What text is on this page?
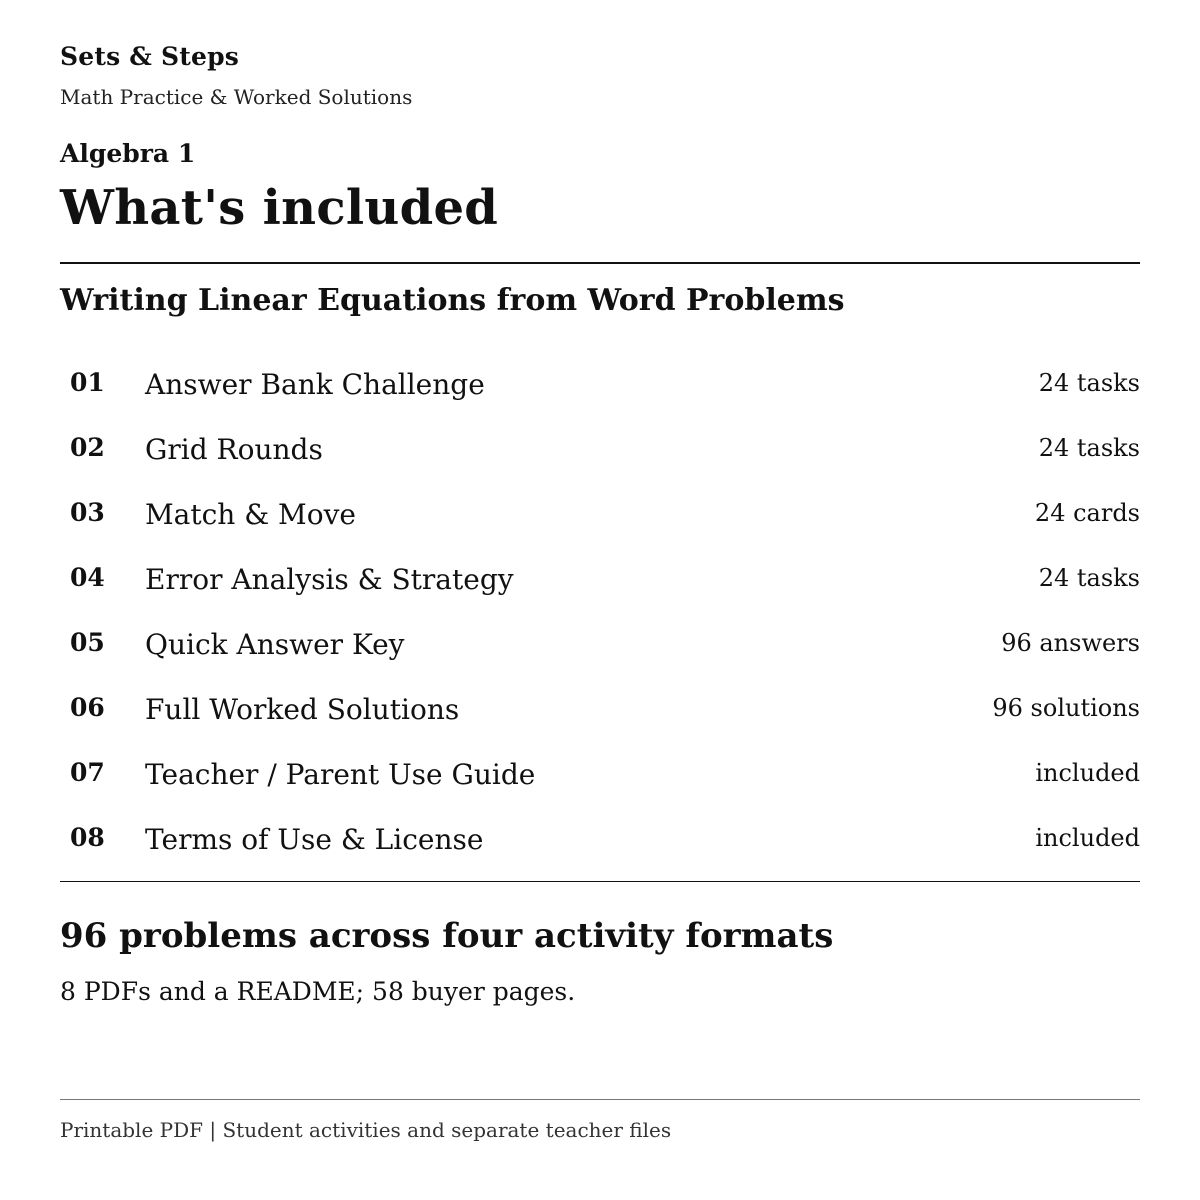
Sets & Steps
Math Practice & Worked Solutions
Algebra 1
What's included
Writing Linear Equations from Word Problems
01 Answer Bank Challenge	24 tasks
02 Grid Rounds	24 tasks
03 Match & Move	24 cards
04 Error Analysis & Strategy	24 tasks
05 Quick Answer Key	96 answers
06 Full Worked Solutions	96 solutions
07 Teacher / Parent Use Guide	included
08 Terms of Use & License	included
96 problems across four activity formats

8 PDFs and a README; 58 buyer pages.

Printable PDF | Student activities and separate teacher files
